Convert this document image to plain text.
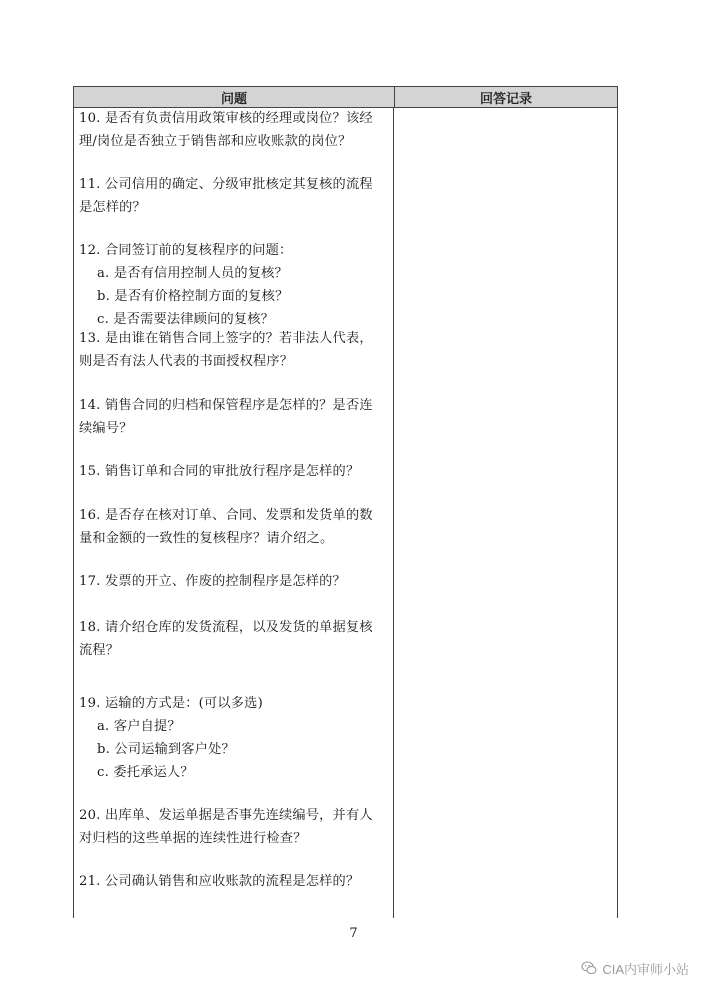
问题	回答记录
10. 是否有负责信用政策审核的经理或岗位？该经
理/岗位是否独立于销售部和应收账款的岗位？
11. 公司信用的确定、分级审批核定其复核的流程
是怎样的？
12. 合同签订前的复核程序的问题：
a. 是否有信用控制人员的复核？
b. 是否有价格控制方面的复核？
c. 是否需要法律顾问的复核？
13. 是由谁在销售合同上签字的？若非法人代表，
则是否有法人代表的书面授权程序？
14. 销售合同的归档和保管程序是怎样的？是否连
续编号？
15. 销售订单和合同的审批放行程序是怎样的？
16. 是否存在核对订单、合同、发票和发货单的数
量和金额的一致性的复核程序？请介绍之。
17. 发票的开立、作废的控制程序是怎样的？
18. 请介绍仓库的发货流程，以及发货的单据复核
流程？
19. 运输的方式是：(可以多选)
a. 客户自提？
b. 公司运输到客户处？
c. 委托承运人？
20. 出库单、发运单据是否事先连续编号，并有人
对归档的这些单据的连续性进行检查？
21. 公司确认销售和应收账款的流程是怎样的？
7
CIA内审师小站
